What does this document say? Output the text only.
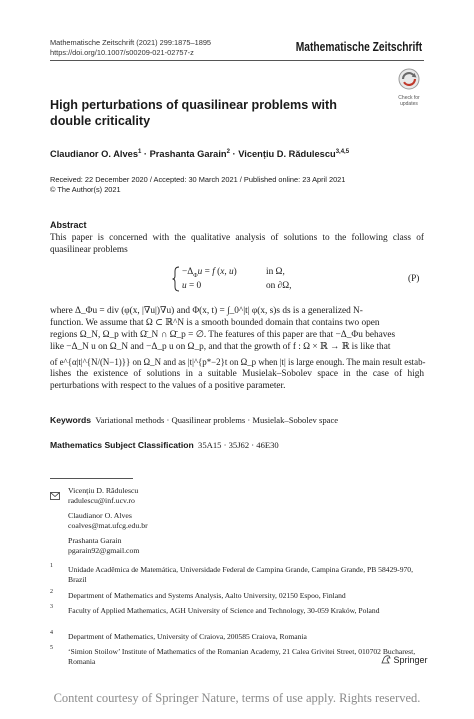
Mathematische Zeitschrift (2021) 299:1875–1895
https://doi.org/10.1007/s00209-021-02757-z	Mathematische Zeitschrift
Check for
updates
High perturbations of quasilinear problems with double criticality
Claudianor O. Alves$^1$ · Prashanta Garain$^2$ · Vicențiu D. Rădulescu$^{3,4,5}$
Received: 22 December 2020 / Accepted: 30 March 2021 / Published online: 23 April 2021
© The Author(s) 2021
Abstract
This paper is concerned with the qualitative analysis of solutions to the following class of quasilinear problems
$-\Delta_\Phi u = f$ (x, u)	in Ω,
u = 0	on ∂Ω,
(P)
where Δ_Φu = div (φ(x, |∇u|)∇u) and Φ(x, t) = ∫_0^|t| φ(x, s)s ds is a generalized N-
function. We assume that Ω ⊂ ℝ^N is a smooth bounded domain that contains two open
regions Ω_N, Ω_p with Ω̄_N ∩ Ω̄_p = ∅. The features of this paper are that −Δ_Φu behaves
like −Δ_N u on Ω_N and −Δ_p u on Ω_p, and that the growth of f : Ω × ℝ → ℝ is like that
of e^{α|t|^{N/(N−1)}} on Ω_N and as |t|^{p*−2}t on Ω_p when |t| is large enough. The main result estab-
lishes the existence of solutions in a suitable Musielak–Sobolev space in the case of high perturbations with respect to the values of a positive parameter.
Keywords Variational methods · Quasilinear problems · Musielak–Sobolev space
Mathematics Subject Classification 35A15 · 35J62 · 46E30
Vicențiu D. Rădulescu
radulescu@inf.ucv.ro
Claudianor O. Alves
coalves@mat.ufcg.edu.br
Prashanta Garain
pgarain92@gmail.com
1 Unidade Acadêmica de Matemática, Universidade Federal de Campina Grande, Campina Grande, PB 58429-970, Brazil
2 Department of Mathematics and Systems Analysis, Aalto University, 02150 Espoo, Finland
3 Faculty of Applied Mathematics, AGH University of Science and Technology, 30-059 Kraków, Poland
4 Department of Mathematics, University of Craiova, 200585 Craiova, Romania
5 ‘Simion Stoilow’ Institute of Mathematics of the Romanian Academy, 21 Calea Grivitei Street, 010702 Bucharest, Romania	Springer
Content courtesy of Springer Nature, terms of use apply. Rights reserved.
